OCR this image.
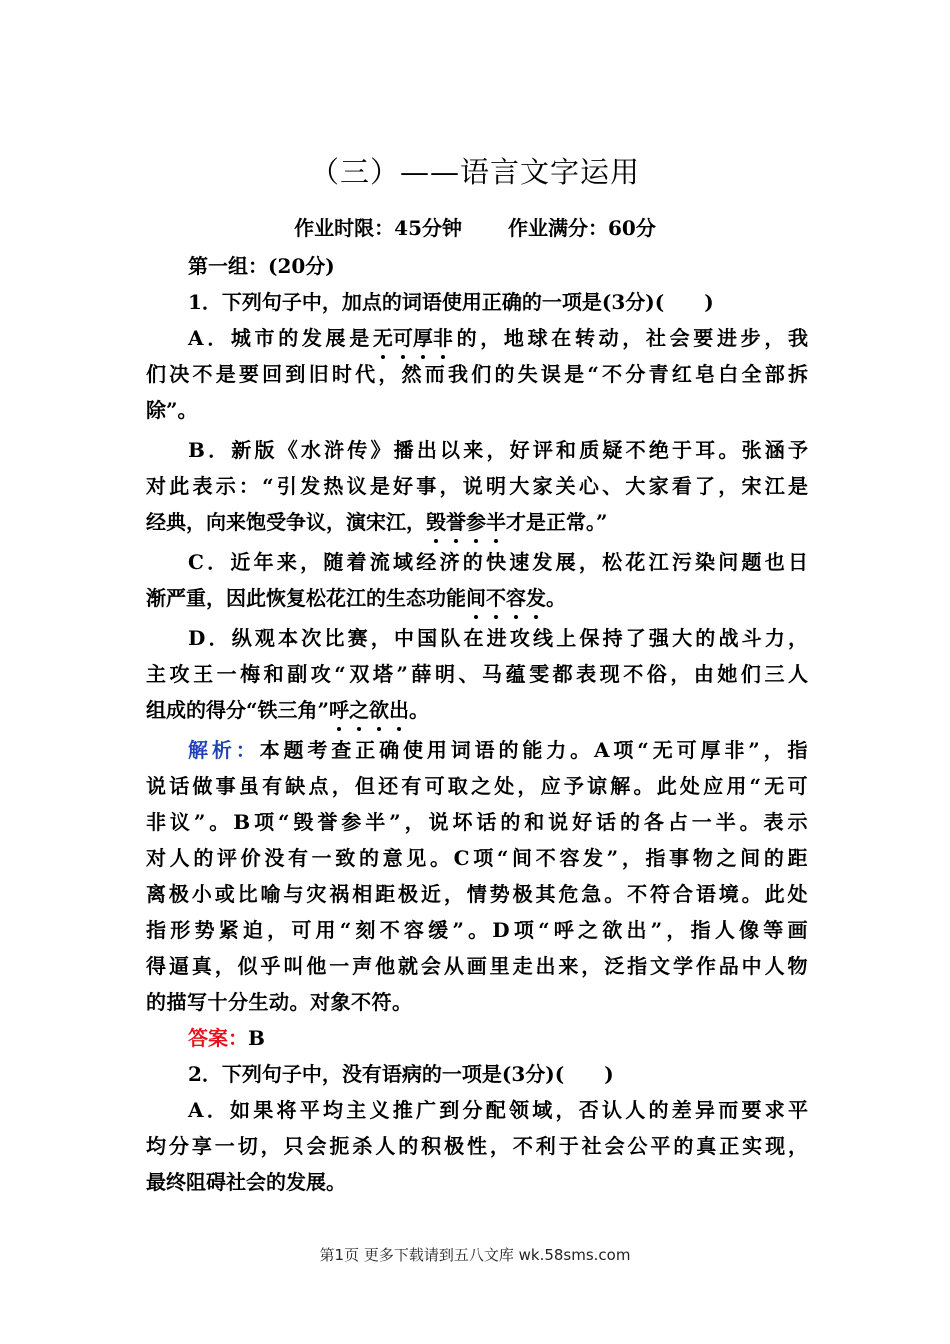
（三）——语言文字运用
作业时限：45分钟 作业满分：60分
第一组：(20分)
1．下列句子中，加点的词语使用正确的一项是(3分)(　　)
A．城市的发展是无可厚非的，地球在转动，社会要进步，我
们决不是要回到旧时代，然而我们的失误是“不分青红皂白全部拆
除”。
B．新版《水浒传》播出以来，好评和质疑不绝于耳。张涵予
对此表示：“引发热议是好事，说明大家关心、大家看了，宋江是
经典，向来饱受争议，演宋江，毁誉参半才是正常。”
C．近年来，随着流域经济的快速发展，松花江污染问题也日
渐严重，因此恢复松花江的生态功能间不容发。
D．纵观本次比赛，中国队在进攻线上保持了强大的战斗力，
主攻王一梅和副攻“双塔”薛明、马蕴雯都表现不俗，由她们三人
组成的得分“铁三角”呼之欲出。
解析：本题考查正确使用词语的能力。A项“无可厚非”，指
说话做事虽有缺点，但还有可取之处，应予谅解。此处应用“无可
非议”。B项“毁誉参半”，说坏话的和说好话的各占一半。表示
对人的评价没有一致的意见。C项“间不容发”，指事物之间的距
离极小或比喻与灾祸相距极近，情势极其危急。不符合语境。此处
指形势紧迫，可用“刻不容缓”。D项“呼之欲出”，指人像等画
得逼真，似乎叫他一声他就会从画里走出来，泛指文学作品中人物
的描写十分生动。对象不符。
答案：B
2．下列句子中，没有语病的一项是(3分)(　　)
A．如果将平均主义推广到分配领域，否认人的差异而要求平
均分享一切，只会扼杀人的积极性，不利于社会公平的真正实现，
最终阻碍社会的发展。
第1页 更多下载请到五八文库 wk.58sms.com
